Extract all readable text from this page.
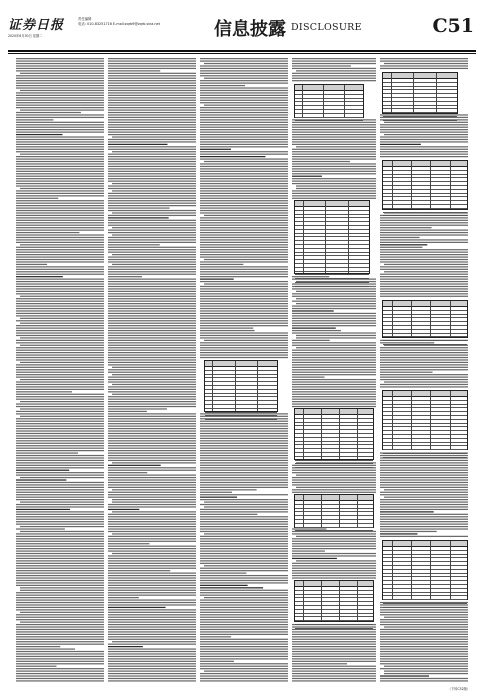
证券日报
2020年6月30日 星期二
责任编辑
电话: 010-83251716 E-mail:zqrb9@zqrb.sina.net	信息披露 DISCLOSURE	C51
（下转C52版）
